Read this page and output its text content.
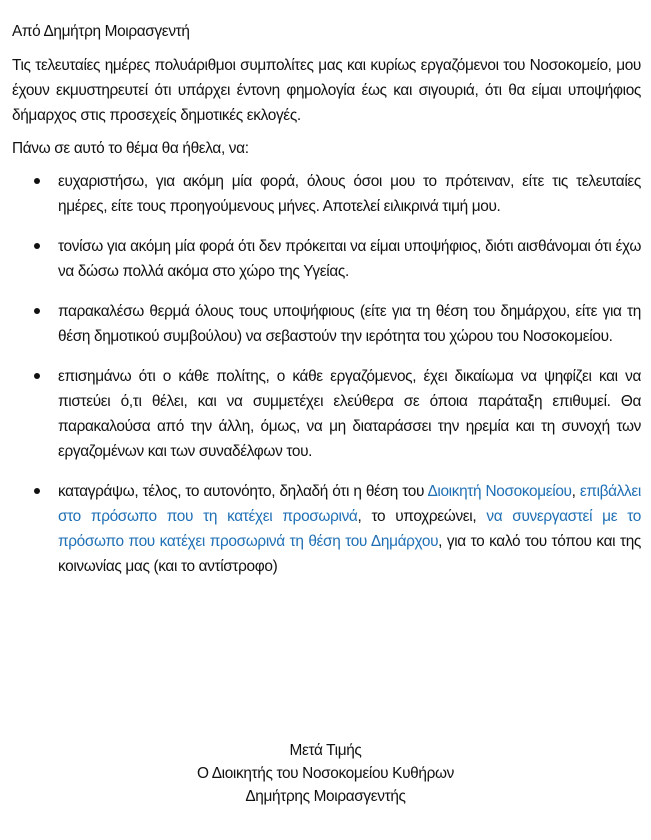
Από Δημήτρη Μοιρασγεντή

Τις τελευταίες ημέρες πολυάριθμοι συμπολίτες μας και κυρίως εργαζόμενοι του Νοσοκομείο, μου έχουν εκμυστηρευτεί ότι υπάρχει έντονη φημολογία έως και σιγουριά, ότι θα είμαι υποψήφιος δήμαρχος στις προσεχείς δημοτικές εκλογές.

Πάνω σε αυτό το θέμα θα ήθελα, να:

ευχαριστήσω, για ακόμη μία φορά, όλους όσοι μου το πρότειναν, είτε τις τελευταίες ημέρες, είτε τους προηγούμενους μήνες. Αποτελεί ειλικρινά τιμή μου.
τονίσω για ακόμη μία φορά ότι δεν πρόκειται να είμαι υποψήφιος, διότι αισθάνομαι ότι έχω να δώσω πολλά ακόμα στο χώρο της Υγείας.
παρακαλέσω θερμά όλους τους υποψήφιους (είτε για τη θέση του δημάρχου, είτε για τη θέση δημοτικού συμβούλου) να σεβαστούν την ιερότητα του χώρου του Νοσοκομείου.
επισημάνω ότι ο κάθε πολίτης, ο κάθε εργαζόμενος, έχει δικαίωμα να ψηφίζει και να πιστεύει ό,τι θέλει, και να συμμετέχει ελεύθερα σε όποια παράταξη επιθυμεί. Θα παρακαλούσα από την άλλη, όμως, να μη διαταράσσει την ηρεμία και τη συνοχή των εργαζομένων και των συναδέλφων του.
καταγράψω, τέλος, το αυτονόητο, δηλαδή ότι η θέση του Διοικητή Νοσοκομείου, επιβάλλει στο πρόσωπο που τη κατέχει προσωρινά, το υποχρεώνει, να συνεργαστεί με το πρόσωπο που κατέχει προσωρινά τη θέση του Δημάρχου, για το καλό του τόπου και της κοινωνίας μας (και το αντίστροφο)
Μετά Τιμής
Ο Διοικητής του Νοσοκομείου Κυθήρων
Δημήτρης Μοιρασγεντής
